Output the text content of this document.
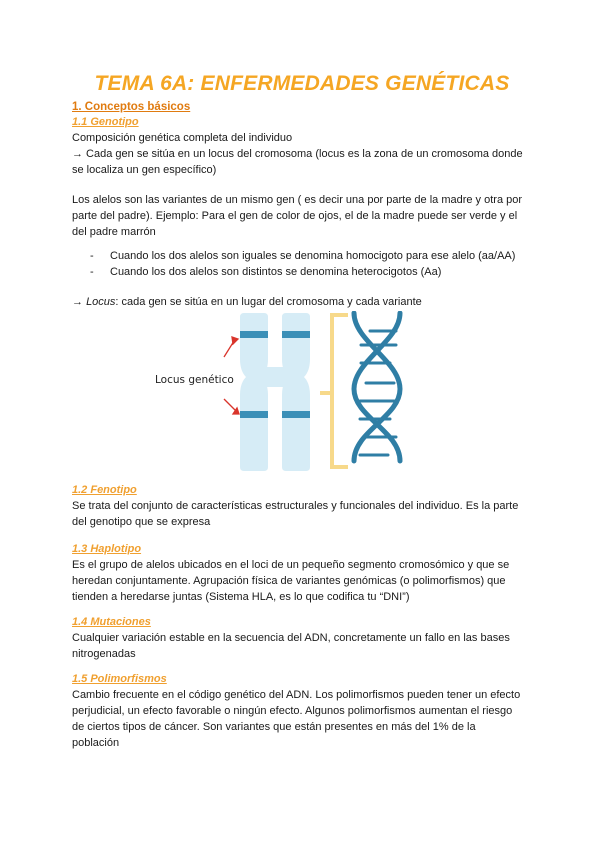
TEMA 6A: ENFERMEDADES GENÉTICAS
1. Conceptos básicos
1.1 Genotipo

Composición genética completa del individuo

→ Cada gen se sitúa en un locus del cromosoma (locus es la zona de un cromosoma donde

se localiza un gen específico)

Los alelos son las variantes de un mismo gen ( es decir una por parte de la madre y otra por

parte del padre). Ejemplo: Para el gen de color de ojos, el de la madre puede ser verde y el

del padre marrón

- Cuando los dos alelos son iguales se denomina homocigoto para ese alelo (aa/AA)

- Cuando los dos alelos son distintos se denomina heterocigotos (Aa)

→ Locus: cada gen se sitúa en un lugar del cromosoma y cada variante

Locus genético

1.2 Fenotipo

Se trata del conjunto de características estructurales y funcionales del individuo. Es la parte

del genotipo que se expresa

1.3 Haplotipo

Es el grupo de alelos ubicados en el loci de un pequeño segmento cromosómico y que se

heredan conjuntamente. Agrupación física de variantes genómicas (o polimorfismos) que

tienden a heredarse juntas (Sistema HLA, es lo que codifica tu “DNI”)

1.4 Mutaciones

Cualquier variación estable en la secuencia del ADN, concretamente un fallo en las bases

nitrogenadas

1.5 Polimorfismos

Cambio frecuente en el código genético del ADN. Los polimorfismos pueden tener un efecto

perjudicial, un efecto favorable o ningún efecto. Algunos polimorfismos aumentan el riesgo

de ciertos tipos de cáncer. Son variantes que están presentes en más del 1% de la

población
